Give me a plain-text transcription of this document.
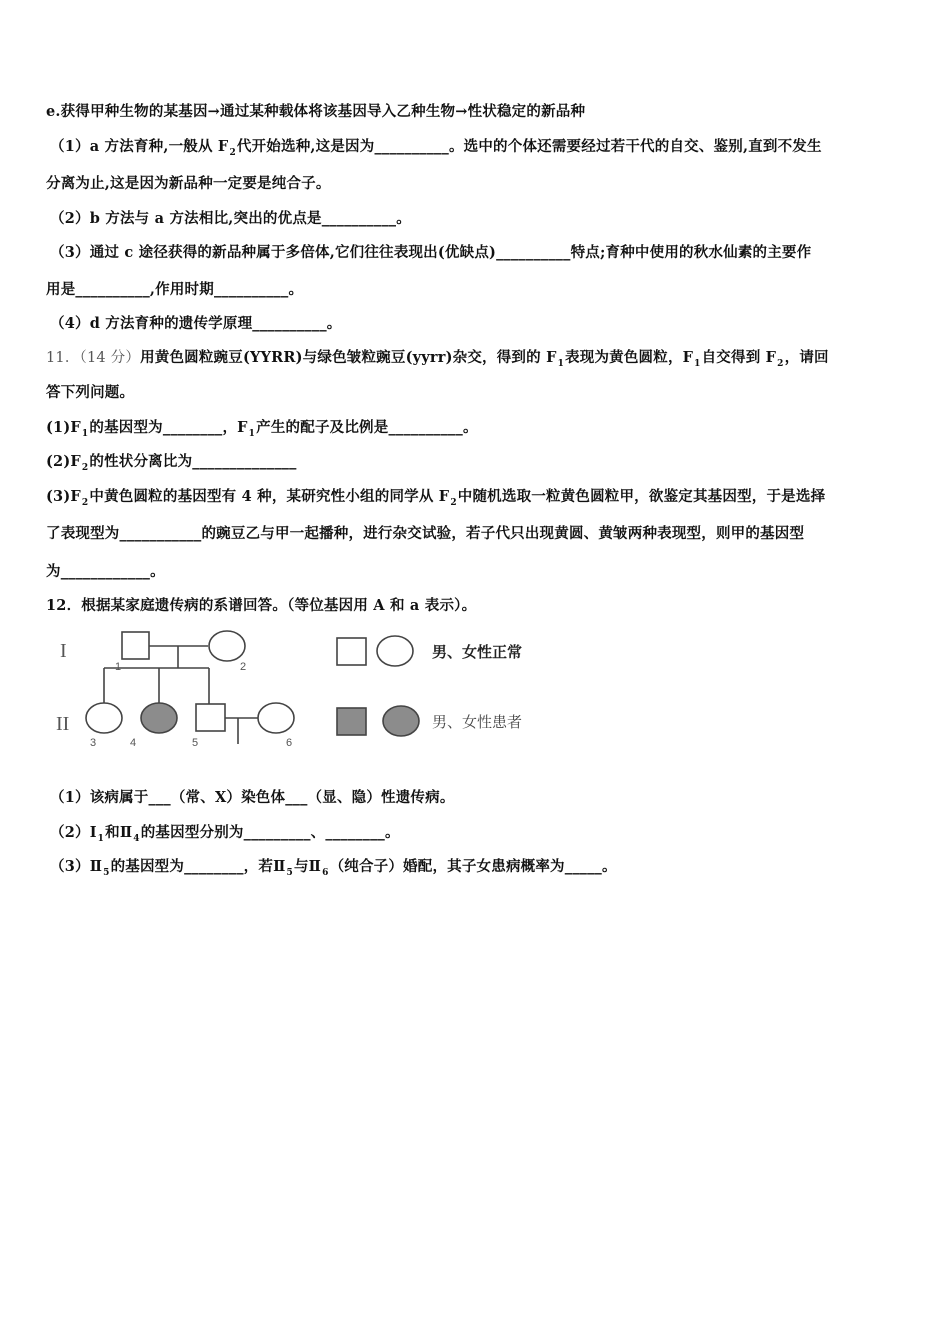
e.获得甲种生物的某基因→通过某种载体将该基因导入乙种生物→性状稳定的新品种
（1）a 方法育种,一般从 $F_2$代开始选种,这是因为__________。选中的个体还需要经过若干代的自交、鉴别,直到不发生
分离为止,这是因为新品种一定要是纯合子。
（2）b 方法与 a 方法相比,突出的优点是__________。
（3）通过 c 途径获得的新品种属于多倍体,它们往往表现出(优缺点)__________特点;育种中使用的秋水仙素的主要作
用是__________,作用时期__________。
（4）d 方法育种的遗传学原理__________。
11．（14 分）用黄色圆粒豌豆(YYRR)与绿色皱粒豌豆(yyrr)杂交，得到的 $F_1$表现为黄色圆粒，$F_1$自交得到 $F_2$，请回
答下列问题。
$(1)F_1$的基因型为________，$F_1$产生的配子及比例是__________。
$(2)F_2$的性状分离比为______________
$(3)F_2$中黄色圆粒的基因型有 4 种，某研究性小组的同学从 $F_2$中随机选取一粒黄色圆粒甲，欲鉴定其基因型，于是选择
了表现型为___________的豌豆乙与甲一起播种，进行杂交试验，若子代只出现黄圆、黄皱两种表现型，则甲的基因型
为____________。
12．根据某家庭遗传病的系谱回答。（等位基因用 A 和 a 表示）。
I
II
1	2
3	4	5	6
男、女性正常
男、女性患者
（1）该病属于___（常、X）染色体___（显、隐）性遗传病。
$(2)Ⅰ_1$和$Ⅱ_4$的基因型分别为_________、________。
$(3)Ⅱ_5$的基因型为________，若$Ⅱ_5$与$Ⅱ_6$（纯合子）婚配，其子女患病概率为_____。
